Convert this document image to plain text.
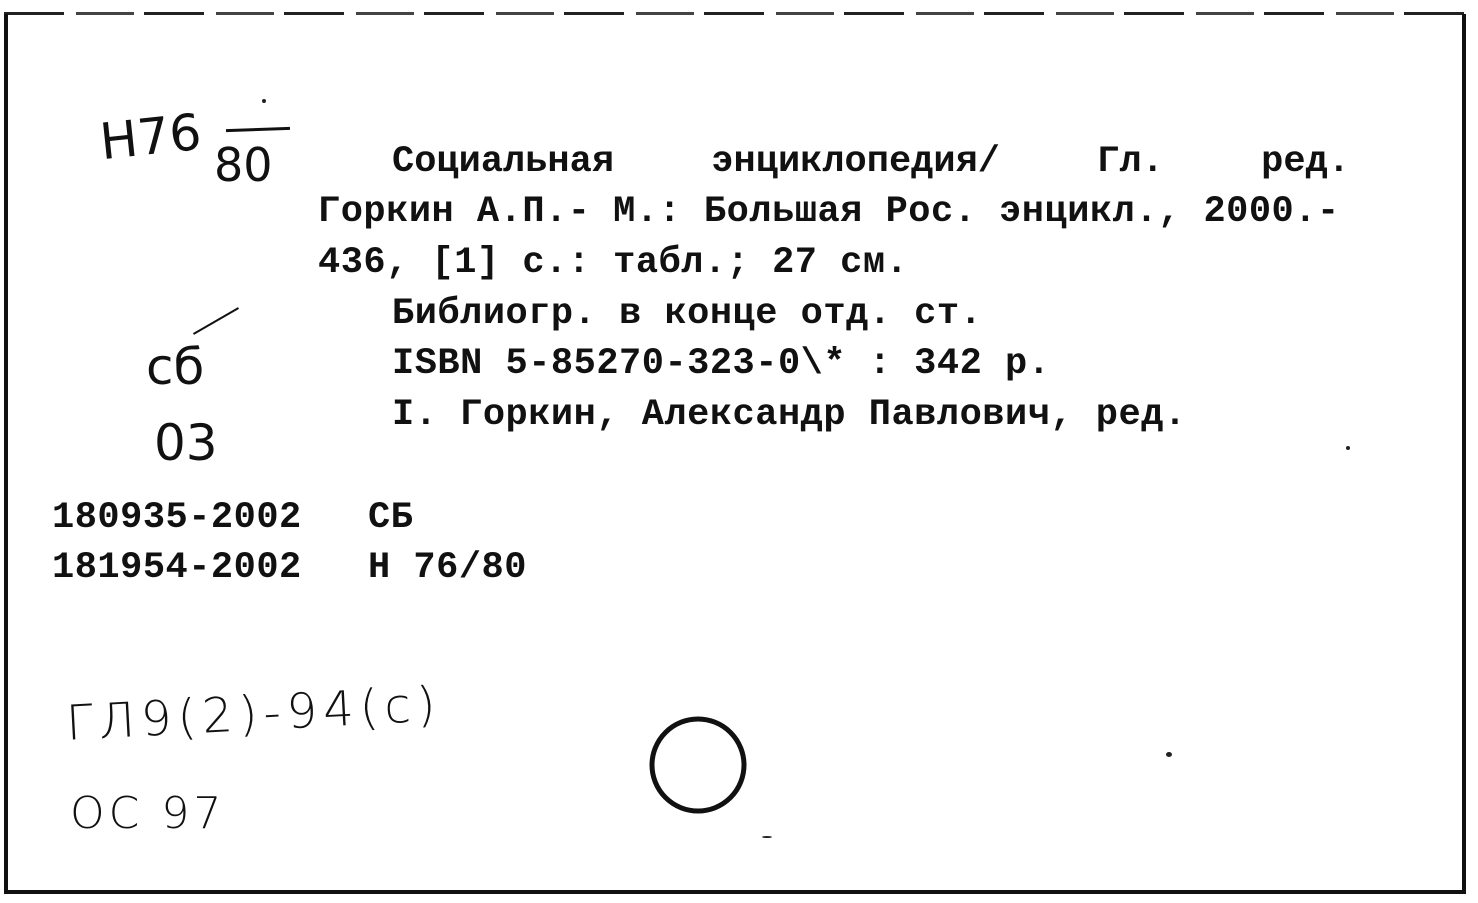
H76 80	Социальная	энциклопедия/	Гл.	ред.
Горкин А.П.- М.: Большая Рос. энцикл., 2000.-
436, [1] с.: табл.; 27 см.
Библиогр. в конце отд. ст.
ISBN 5-85270-323-0\* : 342 р.
I. Горкин, Александр Павлович, ред.
сб
03
180935-2002 СБ
181954-2002 Н 76/80
ГЛ9(2)-94(с)
ОС 97
